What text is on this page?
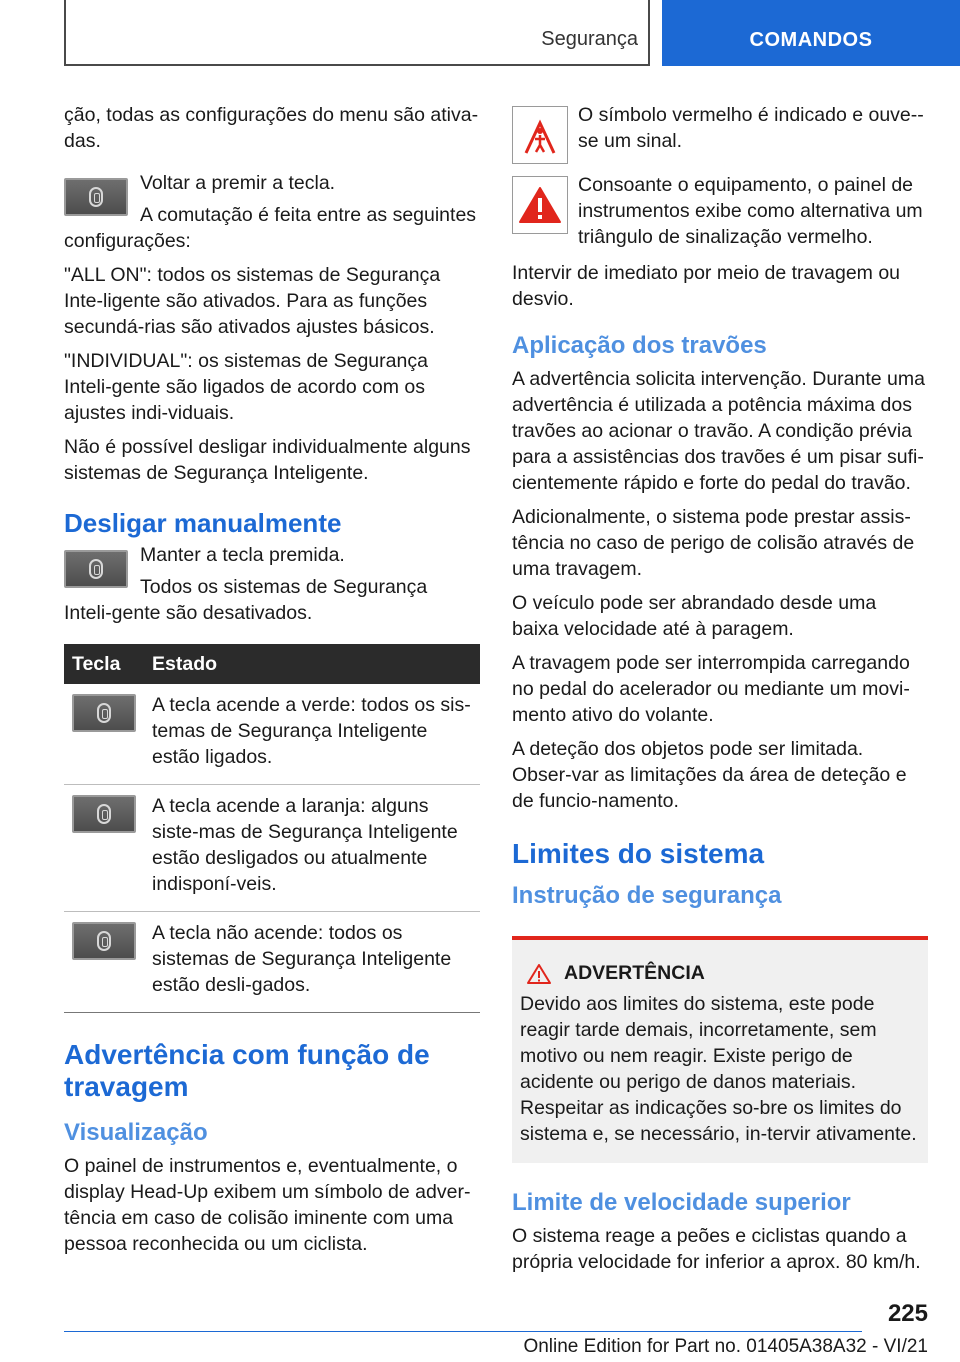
Segurança	COMANDOS

ção, todas as configurações do menu são ativa-das.

Voltar a premir a tecla.

A comutação é feita entre as seguintes configurações:

"ALL ON": todos os sistemas de Segurança Inte-ligente são ativados. Para as funções secundá-rias são ativados ajustes básicos.

"INDIVIDUAL": os sistemas de Segurança Inteli-gente são ligados de acordo com os ajustes indi-viduais.

Não é possível desligar individualmente alguns sistemas de Segurança Inteligente.

Desligar manualmente

Manter a tecla premida.

Todos os sistemas de Segurança Inteli-gente são desativados.

Tecla	Estado

	A tecla acende a verde: todos os sis-temas de Segurança Inteligente estão ligados.

	A tecla acende a laranja: alguns siste-mas de Segurança Inteligente estão desligados ou atualmente indisponí-veis.

	A tecla não acende: todos os sistemas de Segurança Inteligente estão desli-gados.
Advertência com função de travagem
Visualização

O painel de instrumentos e, eventualmente, o display Head-Up exibem um símbolo de adver-tência em caso de colisão iminente com uma pessoa reconhecida ou um ciclista.

O símbolo vermelho é indicado e ouve--se um sinal.

Consoante o equipamento, o painel de instrumentos exibe como alternativa um triângulo de sinalização vermelho.

Intervir de imediato por meio de travagem ou desvio.

Aplicação dos travões

A advertência solicita intervenção. Durante uma advertência é utilizada a potência máxima dos travões ao acionar o travão. A condição prévia para a assistências dos travões é um pisar sufi-cientemente rápido e forte do pedal do travão.

Adicionalmente, o sistema pode prestar assis-tência no caso de perigo de colisão através de uma travagem.

O veículo pode ser abrandado desde uma baixa velocidade até à paragem.

A travagem pode ser interrompida carregando no pedal do acelerador ou mediante um movi-mento ativo do volante.

A deteção dos objetos pode ser limitada. Obser-var as limitações da área de deteção e de funcio-namento.

Limites do sistema
Instrução de segurança
ADVERTÊNCIA

Devido aos limites do sistema, este pode reagir tarde demais, incorretamente, sem motivo ou nem reagir. Existe perigo de acidente ou perigo de danos materiais. Respeitar as indicações so-bre os limites do sistema e, se necessário, in-tervir ativamente.

Limite de velocidade superior

O sistema reage a peões e ciclistas quando a própria velocidade for inferior a aprox. 80 km/h.

225
Online Edition for Part no. 01405A38A32 - VI/21
